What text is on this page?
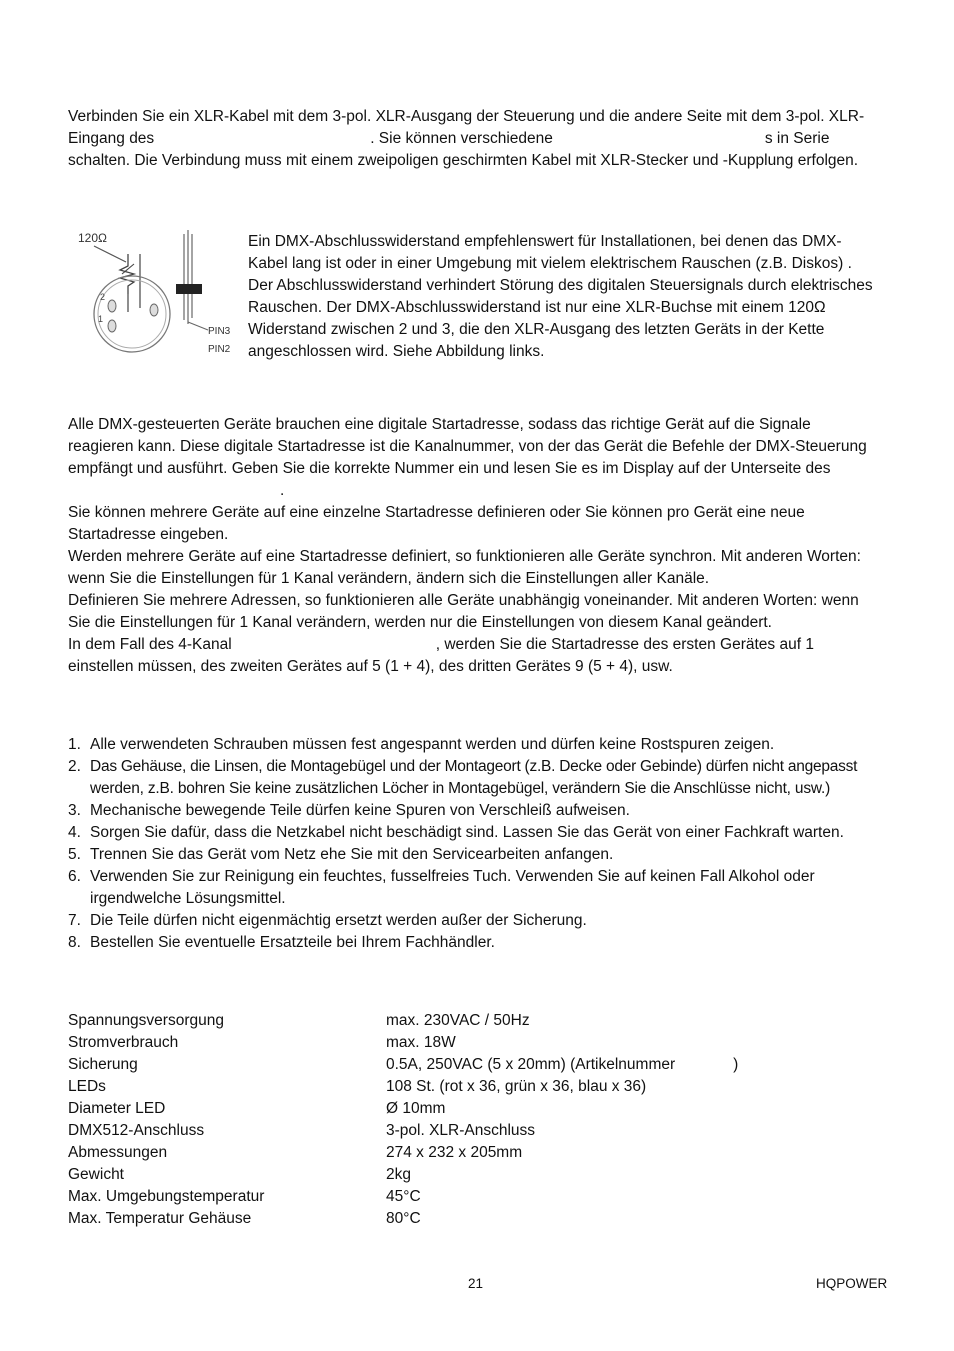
Verbinden Sie ein XLR-Kabel mit dem 3-pol. XLR-Ausgang der Steuerung und die andere Seite mit dem 3-pol. XLR-
Eingang des	. Sie können verschiedene	s in Serie
schalten. Die Verbindung muss mit einem zweipoligen geschirmten Kabel mit XLR-Stecker und -Kupplung erfolgen.
120Ω
2
1
PIN3
PIN2
Ein DMX-Abschlusswiderstand empfehlenswert für Installationen, bei denen das DMX-
Kabel lang ist oder in einer Umgebung mit vielem elektrischem Rauschen (z.B. Diskos) .
Der Abschlusswiderstand verhindert Störung des digitalen Steuersignals durch elektrisches
Rauschen. Der DMX-Abschlusswiderstand ist nur eine XLR-Buchse mit einem 120Ω
Widerstand zwischen 2 und 3, die den XLR-Ausgang des letzten Geräts in der Kette
angeschlossen wird. Siehe Abbildung links.
Alle DMX-gesteuerten Geräte brauchen eine digitale Startadresse, sodass das richtige Gerät auf die Signale
reagieren kann. Diese digitale Startadresse ist die Kanalnummer, von der das Gerät die Befehle der DMX-Steuerung
empfängt und ausführt. Geben Sie die korrekte Nummer ein und lesen Sie es im Display auf der Unterseite des
.
Sie können mehrere Geräte auf eine einzelne Startadresse definieren oder Sie können pro Gerät eine neue
Startadresse eingeben.
Werden mehrere Geräte auf eine Startadresse definiert, so funktionieren alle Geräte synchron. Mit anderen Worten:
wenn Sie die Einstellungen für 1 Kanal verändern, ändern sich die Einstellungen aller Kanäle.
Definieren Sie mehrere Adressen, so funktionieren alle Geräte unabhängig voneinander. Mit anderen Worten: wenn
Sie die Einstellungen für 1 Kanal verändern, werden nur die Einstellungen von diesem Kanal geändert.
In dem Fall des 4-Kanal	, werden Sie die Startadresse des ersten Gerätes auf 1
einstellen müssen, des zweiten Gerätes auf 5 (1 + 4), des dritten Gerätes 9 (5 + 4), usw.
1. Alle verwendeten Schrauben müssen fest angespannt werden und dürfen keine Rostspuren zeigen.
2. Das Gehäuse, die Linsen, die Montagebügel und der Montageort (z.B. Decke oder Gebinde) dürfen nicht angepasst
werden, z.B. bohren Sie keine zusätzlichen Löcher in Montagebügel, verändern Sie die Anschlüsse nicht, usw.)
3. Mechanische bewegende Teile dürfen keine Spuren von Verschleiß aufweisen.
4. Sorgen Sie dafür, dass die Netzkabel nicht beschädigt sind. Lassen Sie das Gerät von einer Fachkraft warten.
5. Trennen Sie das Gerät vom Netz ehe Sie mit den Servicearbeiten anfangen.
6. Verwenden Sie zur Reinigung ein feuchtes, fusselfreies Tuch. Verwenden Sie auf keinen Fall Alkohol oder
irgendwelche Lösungsmittel.
7. Die Teile dürfen nicht eigenmächtig ersetzt werden außer der Sicherung.
8. Bestellen Sie eventuelle Ersatzteile bei Ihrem Fachhändler.
Spannungsversorgung	max. 230VAC / 50Hz
Stromverbrauch	max. 18W
Sicherung	0.5A, 250VAC (5 x 20mm) (Artikelnummer )
LEDs	108 St. (rot x 36, grün x 36, blau x 36)
Diameter LED	Ø 10mm
DMX512-Anschluss	3-pol. XLR-Anschluss
Abmessungen	274 x 232 x 205mm
Gewicht	2kg
Max. Umgebungstemperatur	45°C
Max. Temperatur Gehäuse	80°C
21	HQPOWER
